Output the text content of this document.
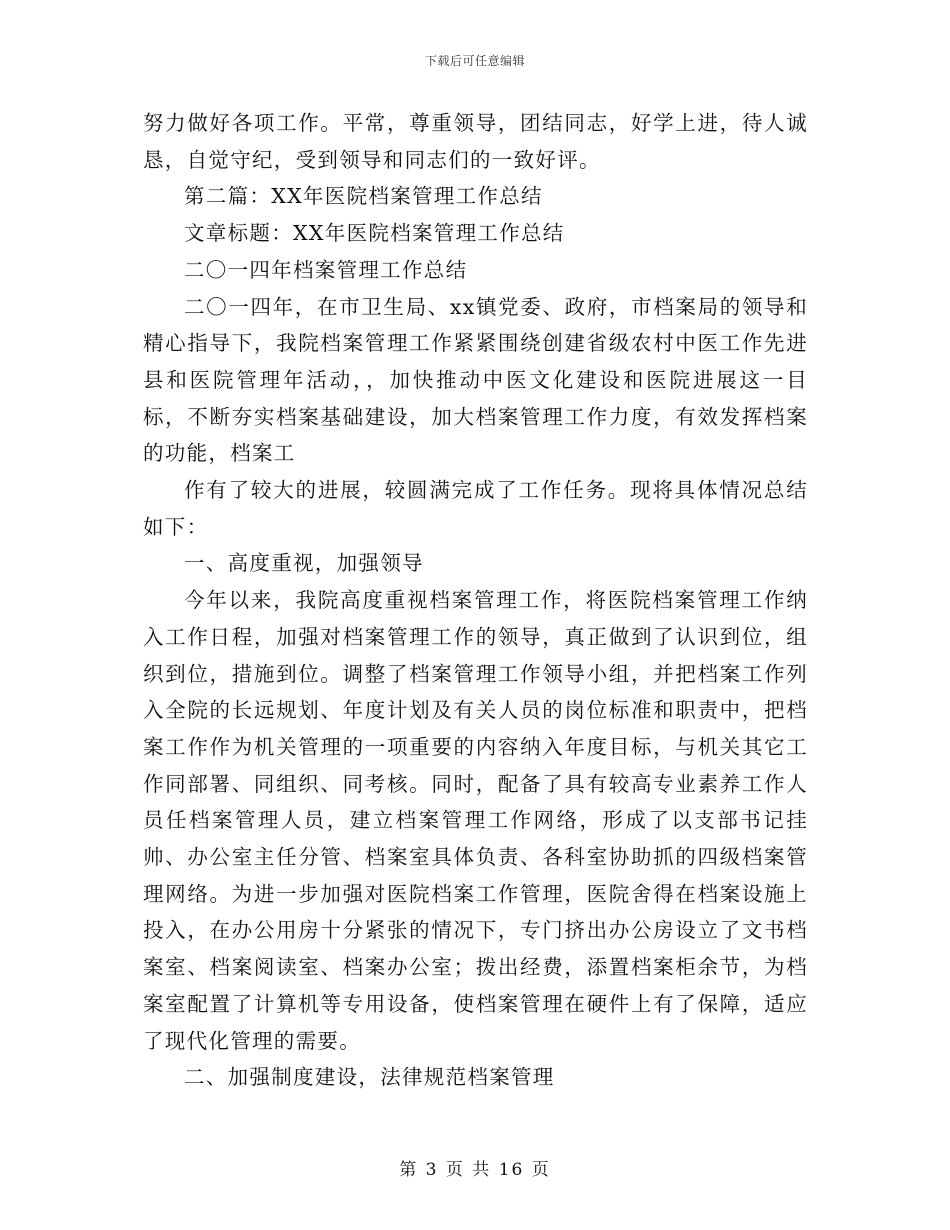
下载后可任意编辑

努力做好各项工作。平常，尊重领导，团结同志，好学上进，待人诚恳，自觉守纪，受到领导和同志们的一致好评。

第二篇：XX年医院档案管理工作总结

文章标题：XX年医院档案管理工作总结

二〇一四年档案管理工作总结

二〇一四年，在市卫生局、xx镇党委、政府，市档案局的领导和精心指导下，我院档案管理工作紧紧围绕创建省级农村中医工作先进县和医院管理年活动，，加快推动中医文化建设和医院进展这一目标，不断夯实档案基础建设，加大档案管理工作力度，有效发挥档案的功能，档案工

作有了较大的进展，较圆满完成了工作任务。现将具体情况总结如下：

一、高度重视，加强领导

今年以来，我院高度重视档案管理工作，将医院档案管理工作纳入工作日程，加强对档案管理工作的领导，真正做到了认识到位，组织到位，措施到位。调整了档案管理工作领导小组，并把档案工作列入全院的长远规划、年度计划及有关人员的岗位标准和职责中，把档案工作作为机关管理的一项重要的内容纳入年度目标，与机关其它工作同部署、同组织、同考核。同时，配备了具有较高专业素养工作人员任档案管理人员，建立档案管理工作网络，形成了以支部书记挂帅、办公室主任分管、档案室具体负责、各科室协助抓的四级档案管理网络。为进一步加强对医院档案工作管理，医院舍得在档案设施上投入，在办公用房十分紧张的情况下，专门挤出办公房设立了文书档案室、档案阅读室、档案办公室；拨出经费，添置档案柜余节，为档案室配置了计算机等专用设备，使档案管理在硬件上有了保障，适应了现代化管理的需要。

二、加强制度建设，法律规范档案管理

第 3 页 共 16 页
